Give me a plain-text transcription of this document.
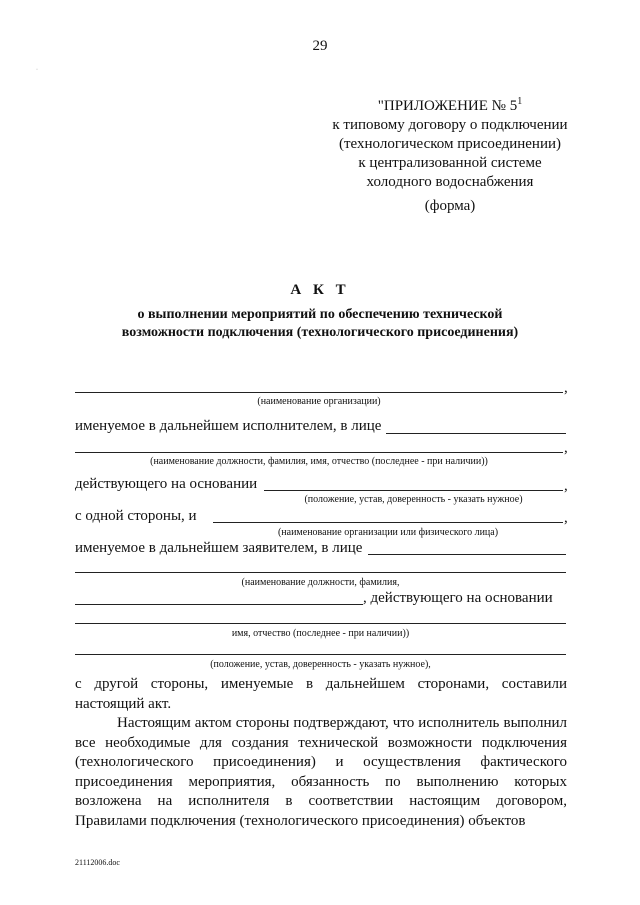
·
29
"ПРИЛОЖЕНИЕ № $5^1$
к типовому договору о подключении
(технологическом присоединении)
к централизованной системе
холодного водоснабжения
(форма)
А К Т
о выполнении мероприятий по обеспечению технической
возможности подключения (технологического присоединения)
,
(наименование организации)
именуемое в дальнейшем исполнителем, в лице
,
(наименование должности, фамилия, имя, отчество (последнее - при наличии))
действующего на основании	,
(положение, устав, доверенность - указать нужное)
с одной стороны, и	,
(наименование организации или физического лица)
именуемое в дальнейшем заявителем, в лице
(наименование должности, фамилия,
, действующего на основании
имя, отчество (последнее - при наличии))
(положение, устав, доверенность - указать нужное),
с другой стороны, именуемые в дальнейшем сторонами, составили настоящий акт.
Настоящим актом стороны подтверждают, что исполнитель выполнил все необходимые для создания технической возможности подключения (технологического присоединения) и осуществления фактического присоединения мероприятия, обязанность по выполнению которых возложена на исполнителя в соответствии настоящим договором, Правилами подключения (технологического присоединения) объектов
21112006.doc
